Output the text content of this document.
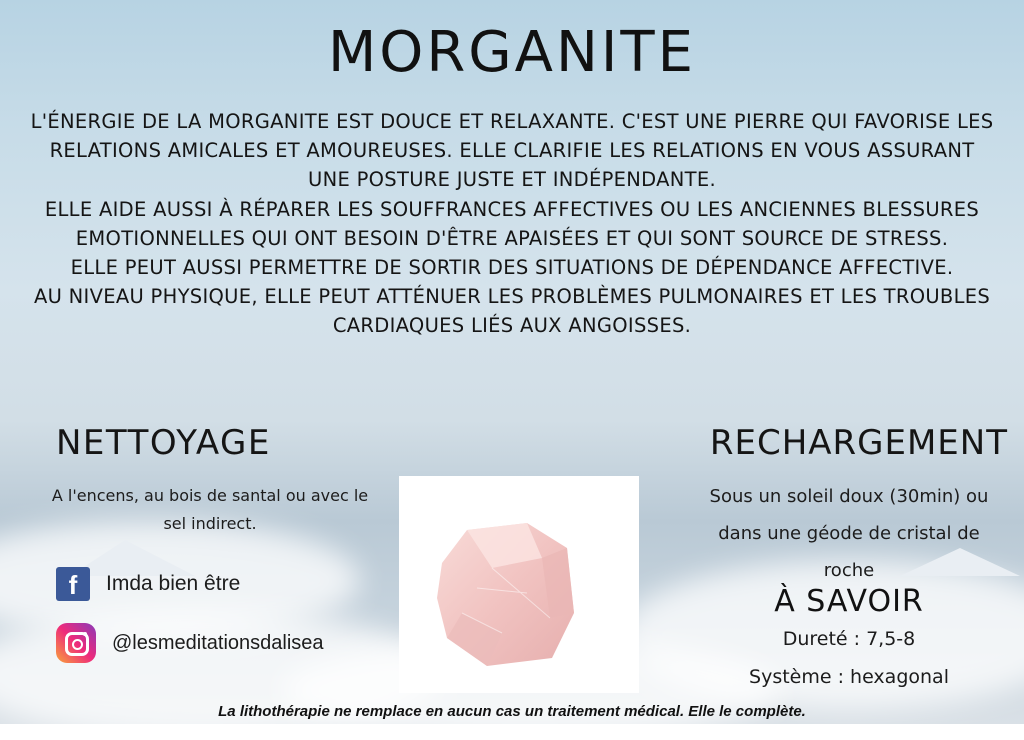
MORGANITE

L'ÉNERGIE DE LA MORGANITE EST DOUCE ET RELAXANTE. C'EST UNE PIERRE QUI FAVORISE LES RELATIONS AMICALES ET AMOUREUSES. ELLE CLARIFIE LES RELATIONS EN VOUS ASSURANT UNE POSTURE JUSTE ET INDÉPENDANTE.

ELLE AIDE AUSSI À RÉPARER LES SOUFFRANCES AFFECTIVES OU LES ANCIENNES BLESSURES EMOTIONNELLES QUI ONT BESOIN D'ÊTRE APAISÉES ET QUI SONT SOURCE DE STRESS.

ELLE PEUT AUSSI PERMETTRE DE SORTIR DES SITUATIONS DE DÉPENDANCE AFFECTIVE.

AU NIVEAU PHYSIQUE, ELLE PEUT ATTÉNUER LES PROBLÈMES PULMONAIRES ET LES TROUBLES CARDIAQUES LIÉS AUX ANGOISSES.

NETTOYAGE
A l'encens, au bois de santal ou avec le sel indirect.
f Imda bien être
@lesmeditationsdalisea
RECHARGEMENT
Sous un soleil doux (30min) ou dans une géode de cristal de roche
À SAVOIR
Dureté : 7,5-8
Système : hexagonal
La lithothérapie ne remplace en aucun cas un traitement médical. Elle le complète.
